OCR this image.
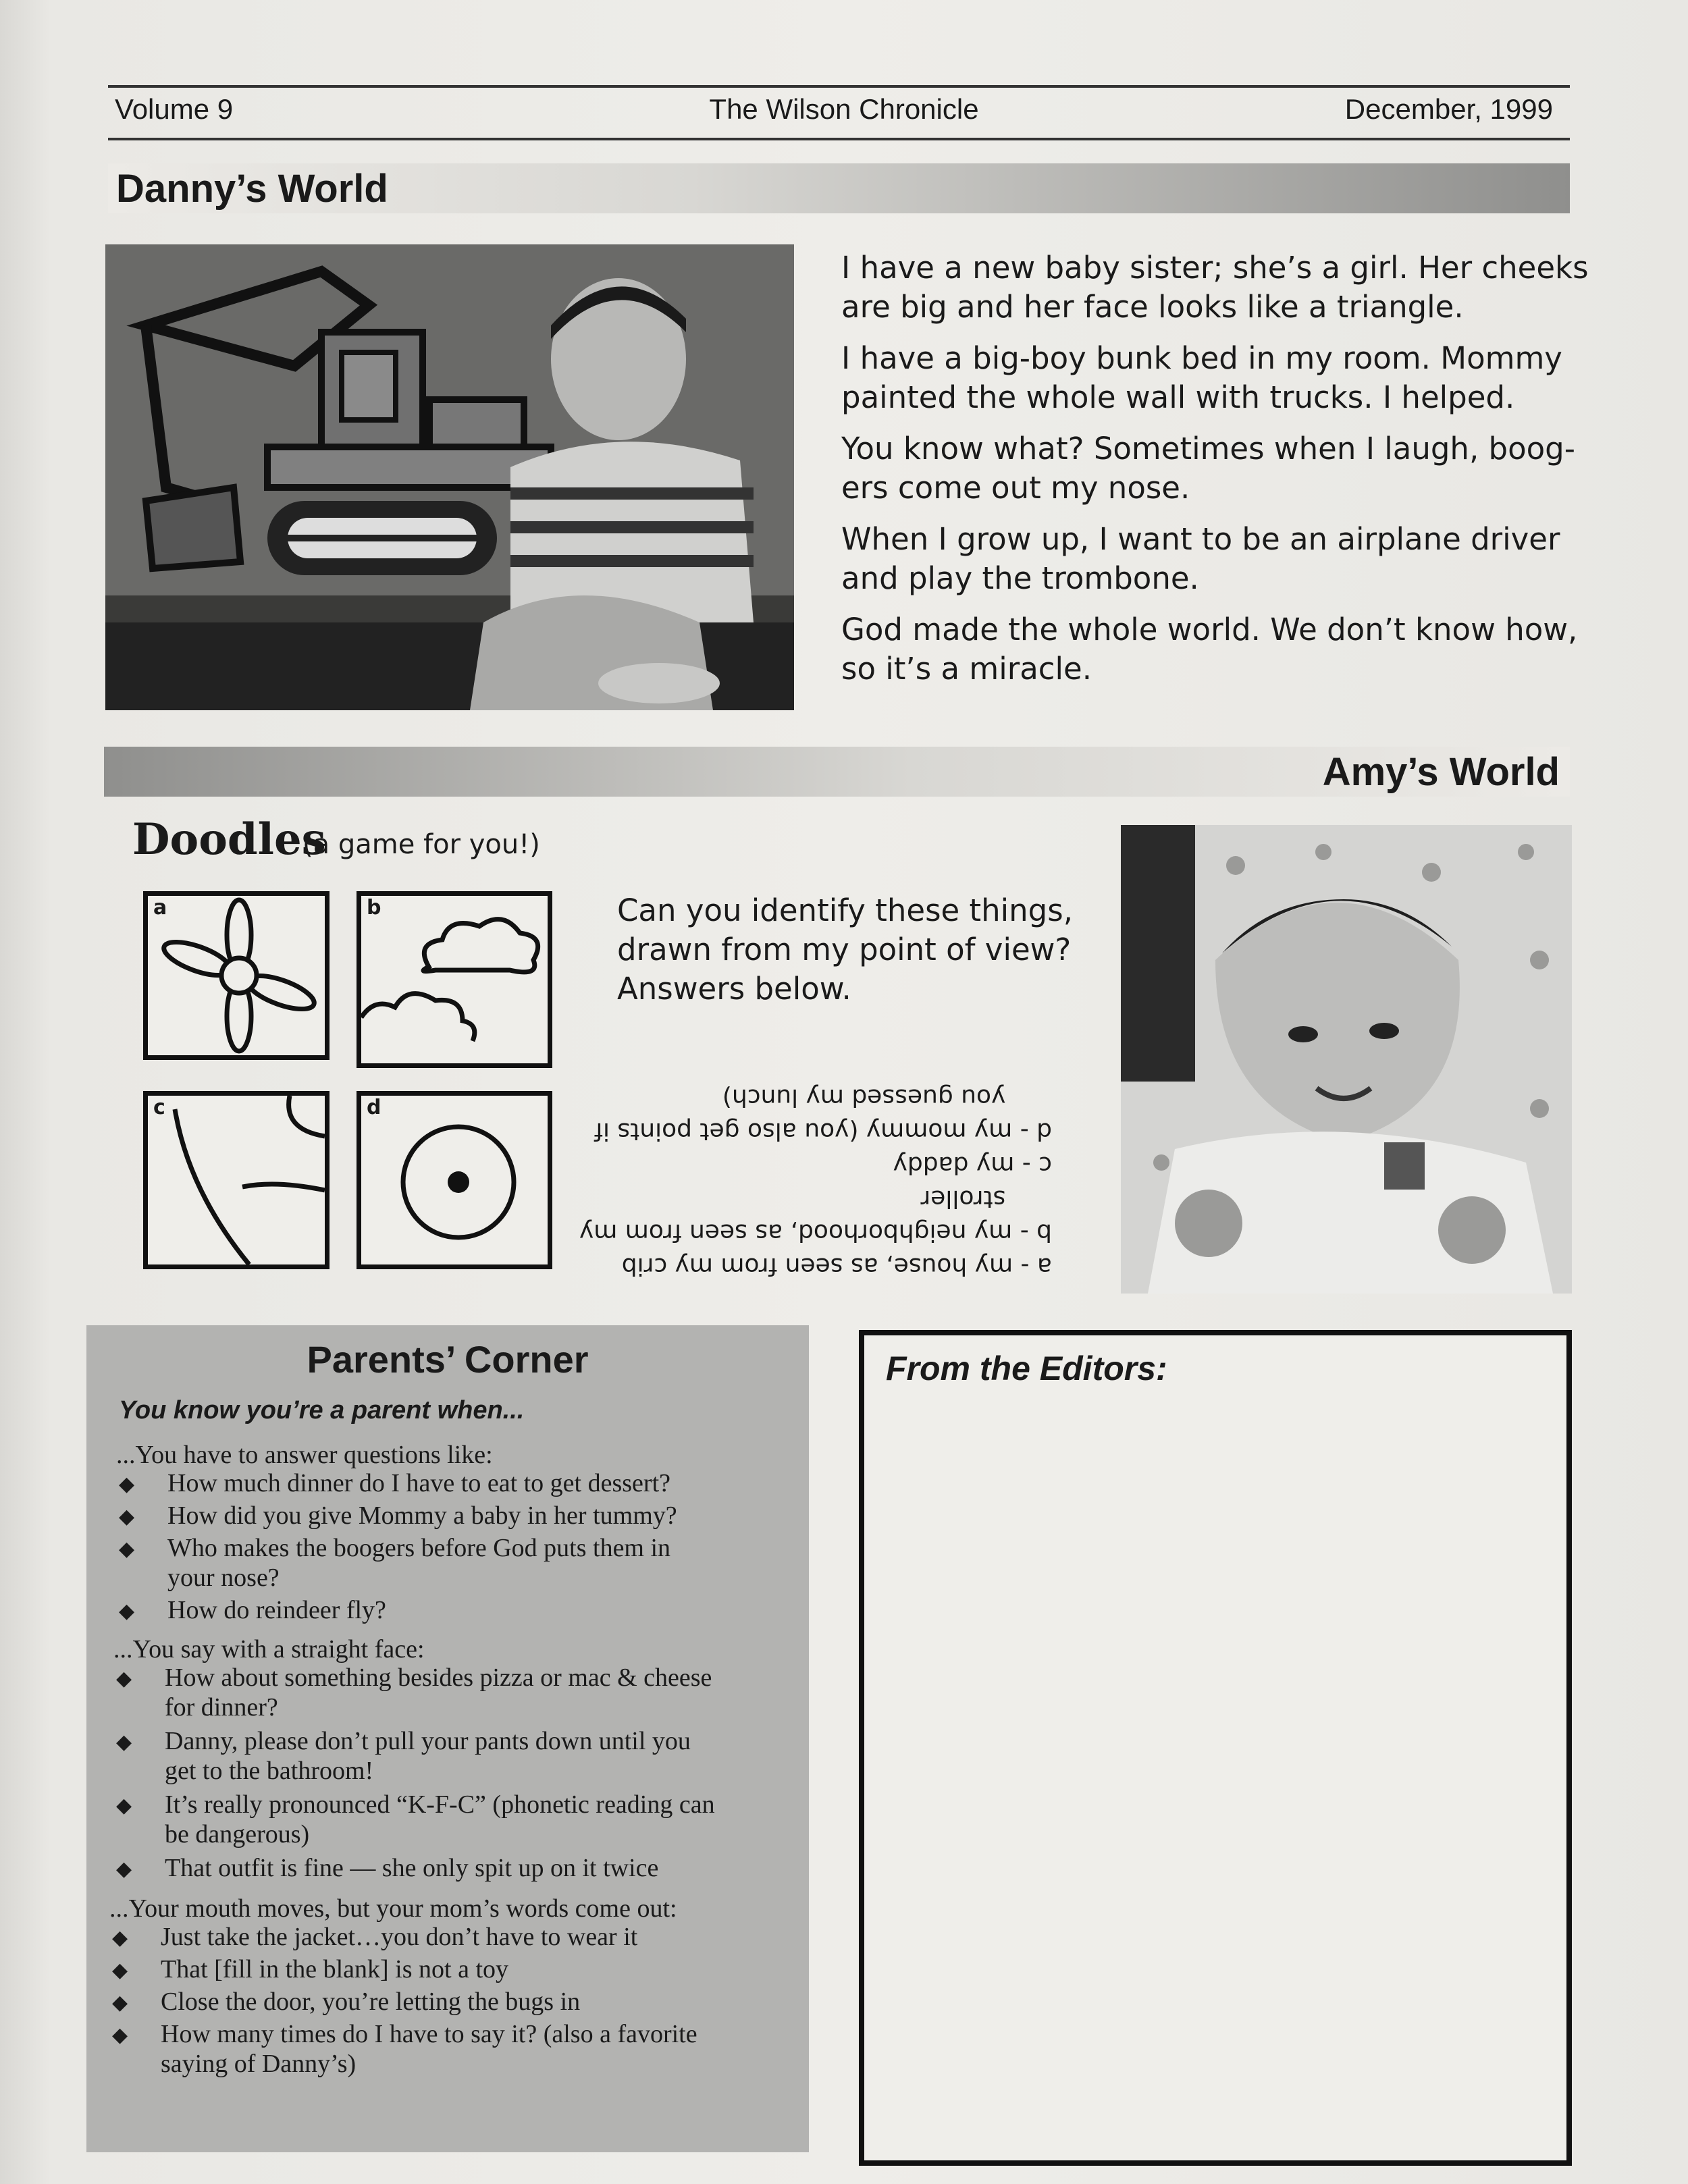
Volume 9	The Wilson Chronicle	December, 1999
Danny’s World
I have a new baby sister; she’s a girl. Her cheeks
are big and her face looks like a triangle.
I have a big-boy bunk bed in my room. Mommy
painted the whole wall with trucks. I helped.
You know what? Sometimes when I laugh, boog-
ers come out my nose.
When I grow up, I want to be an airplane driver
and play the trombone.
God made the whole world. We don’t know how,
so it’s a miracle.
Amy’s World
Doodles
(a game for you!)
a	b
c	d
Can you identify these things,
drawn from my point of view?
Answers below.
a - my house, as seen from my crib
b - my neighborhood, as seen from my
stroller
c - my daddy
d - my mommy (you also get points if
you guessed my lunch)
Parents’ Corner
You know you’re a parent when...
...You have to answer questions like:
◆ How much dinner do I have to eat to get dessert?
◆ How did you give Mommy a baby in her tummy?
◆ Who makes the boogers before God puts them in
your nose?
◆ How do reindeer fly?
...You say with a straight face:
◆ How about something besides pizza or mac & cheese
for dinner?
◆ Danny, please don’t pull your pants down until you
get to the bathroom!
◆ It’s really pronounced “K-F-C” (phonetic reading can
be dangerous)
◆ That outfit is fine — she only spit up on it twice
...Your mouth moves, but your mom’s words come out:
◆ Just take the jacket…you don’t have to wear it
◆ That [fill in the blank] is not a toy
◆ Close the door, you’re letting the bugs in
◆ How many times do I have to say it? (also a favorite
saying of Danny’s)
From the Editors:
